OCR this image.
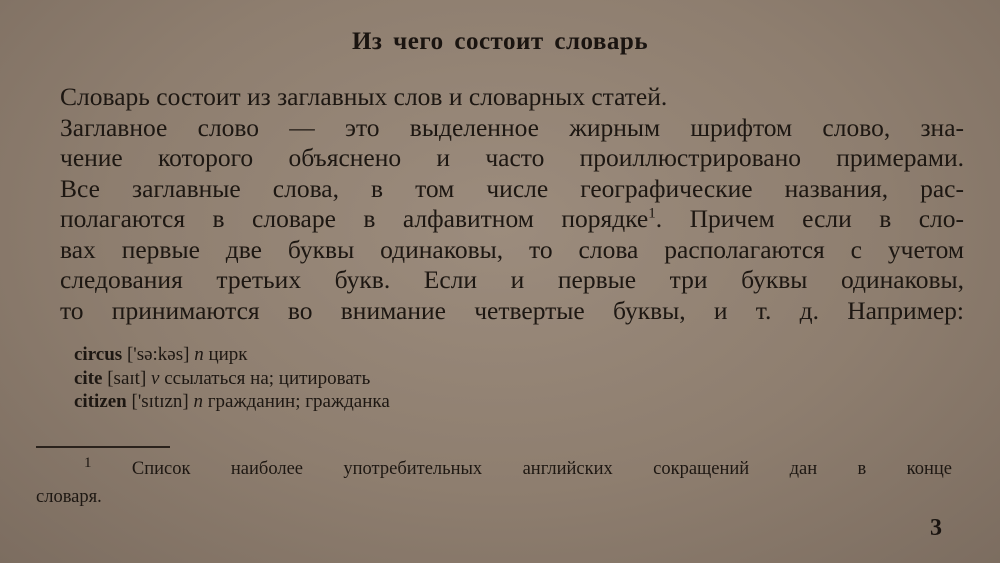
Из чего состоит словарь
Словарь состоит из заглавных слов и словарных статей.
Заглавное слово — это выделенное жирным шрифтом слово, зна-
чение которого объяснено и часто проиллюстрировано примерами.
Все заглавные слова, в том числе географические названия, рас-
полагаются в словаре в алфавитном порядке$^1$. Причем если в сло-
вах первые две буквы одинаковы, то слова располагаются с учетом
следования третьих букв. Если и первые три буквы одинаковы,
то принимаются во внимание четвертые буквы, и т. д. Например:
circus ['sə:kəs] n цирк
cite [saɪt] v ссылаться на; цитировать
citizen ['sɪtɪzn] n гражданин; гражданка
$^1$ Список наиболее употребительных английских сокращений дан в конце
словаря.
3
